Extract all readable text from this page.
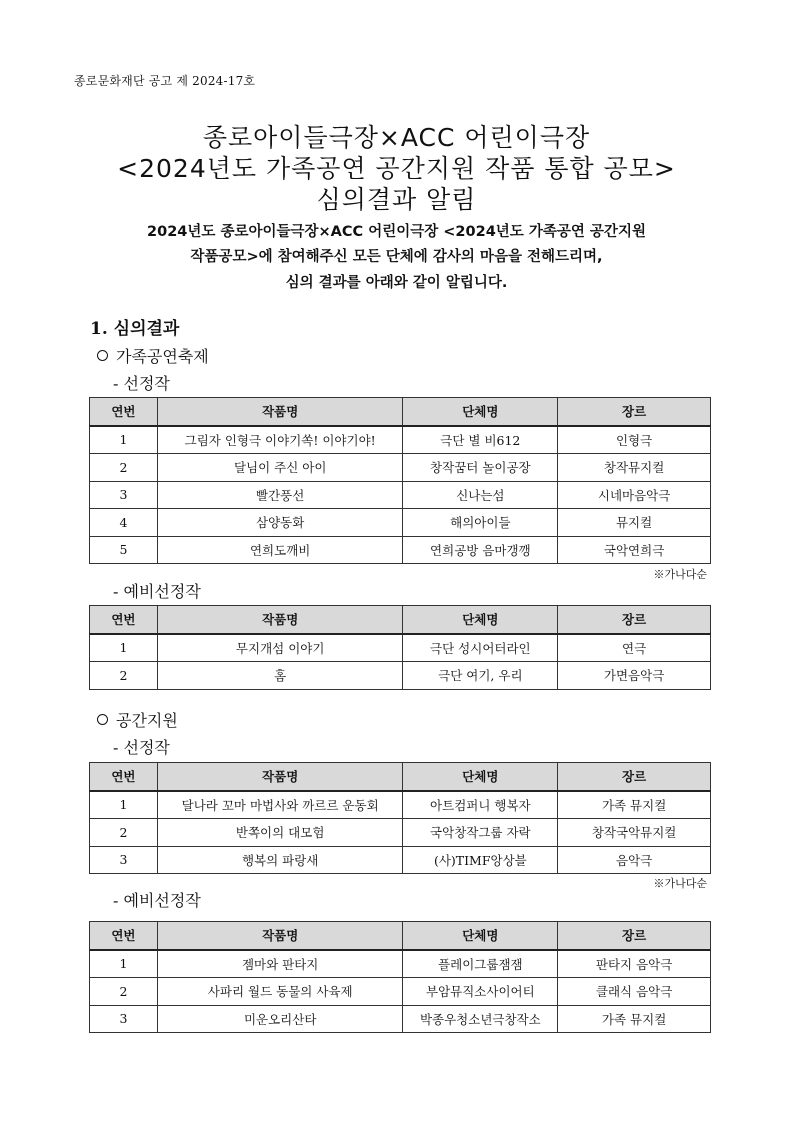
종로문화재단 공고 제 2024-17호
종로아이들극장×ACC 어린이극장
<2024년도 가족공연 공간지원 작품 통합 공모>
심의결과 알림
2024년도 종로아이들극장×ACC 어린이극장 <2024년도 가족공연 공간지원
작품공모>에 참여해주신 모든 단체에 감사의 마음을 전해드리며,
심의 결과를 아래와 같이 알립니다.
1. 심의결과
가족공연축제
- 선정작
연번	작품명	단체명	장르
1	그림자 인형극 이야기쏙! 이야기야!	극단 별 비612	인형극
2	달님이 주신 아이	창작꿈터 놀이공장	창작뮤지컬
3	빨간풍선	신나는섬	시네마음악극
4	삼양동화	해의아이들	뮤지컬
5	연희도깨비	연희공방 음마갱깽	국악연희극
※가나다순
- 예비선정작
연번	작품명	단체명	장르
1	무지개섬 이야기	극단 성시어터라인	연극
2	홈	극단 여기, 우리	가면음악극
공간지원
- 선정작
연번	작품명	단체명	장르
1	달나라 꼬마 마법사와 까르르 운동회	아트컴퍼니 행복자	가족 뮤지컬
2	반쪽이의 대모험	국악창작그룹 자락	창작국악뮤지컬
3	행복의 파랑새	(사)TIMF앙상블	음악극
※가나다순
- 예비선정작
연번	작품명	단체명	장르
1	젬마와 판타지	플레이그룹잼잼	판타지 음악극
2	사파리 월드 동물의 사육제	부암뮤직소사이어티	클래식 음악극
3	미운오리산타	박종우청소년극창작소	가족 뮤지컬
